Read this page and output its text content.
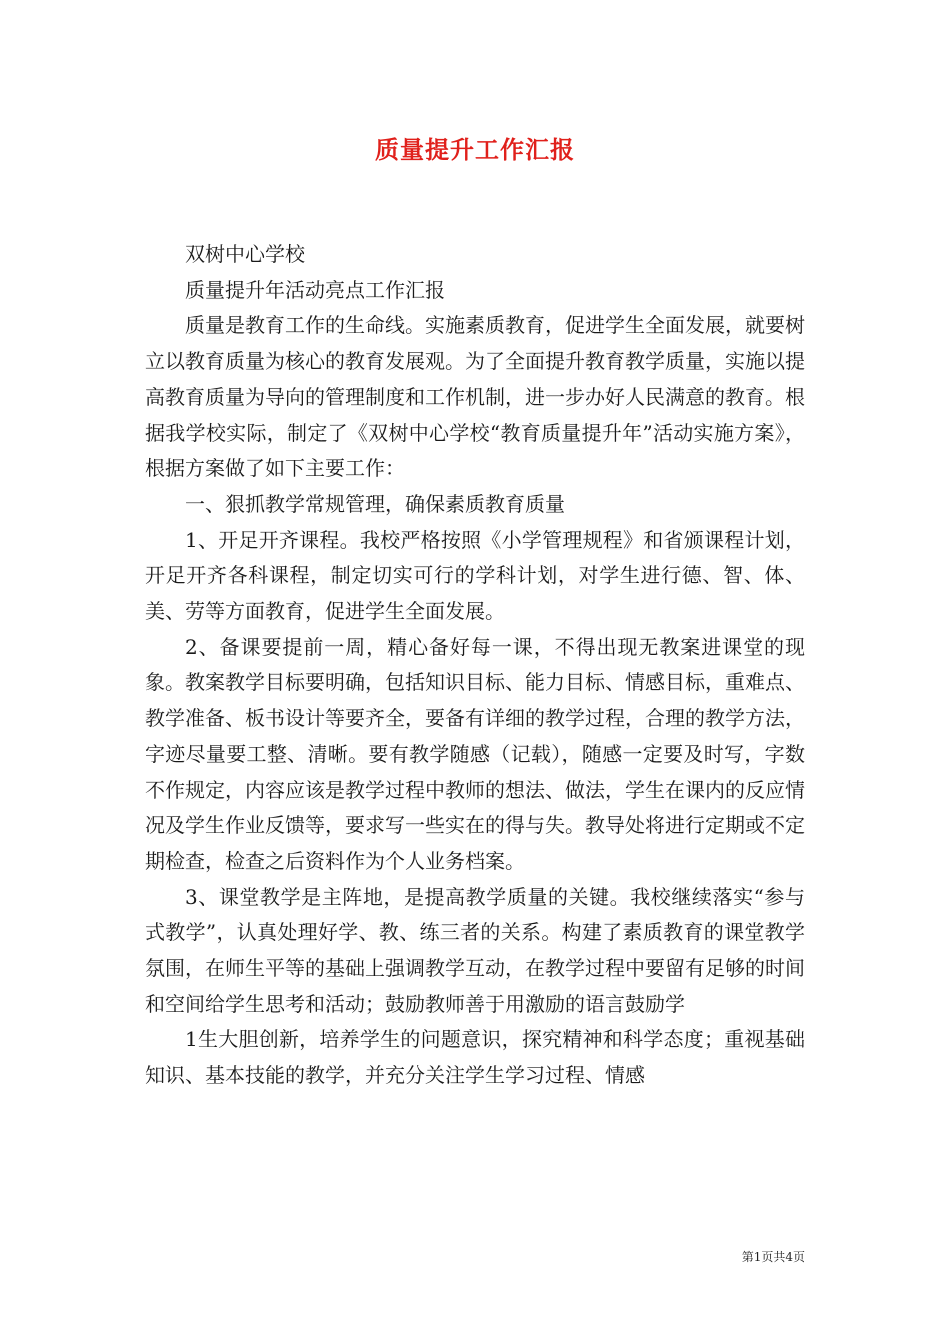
质量提升工作汇报

双树中心学校

质量提升年活动亮点工作汇报

质量是教育工作的生命线。实施素质教育，促进学生全面发展，就要树立以教育质量为核心的教育发展观。为了全面提升教育教学质量，实施以提高教育质量为导向的管理制度和工作机制，进一步办好人民满意的教育。根据我学校实际，制定了《双树中心学校“教育质量提升年”活动实施方案》，根据方案做了如下主要工作：

一、狠抓教学常规管理，确保素质教育质量

1、开足开齐课程。我校严格按照《小学管理规程》和省颁课程计划，开足开齐各科课程，制定切实可行的学科计划，对学生进行德、智、体、美、劳等方面教育，促进学生全面发展。

2、备课要提前一周，精心备好每一课，不得出现无教案进课堂的现象。教案教学目标要明确，包括知识目标、能力目标、情感目标，重难点、教学准备、板书设计等要齐全，要备有详细的教学过程，合理的教学方法，字迹尽量要工整、清晰。要有教学随感（记载），随感一定要及时写，字数不作规定，内容应该是教学过程中教师的想法、做法，学生在课内的反应情况及学生作业反馈等，要求写一些实在的得与失。教导处将进行定期或不定期检查，检查之后资料作为个人业务档案。

3、课堂教学是主阵地，是提高教学质量的关键。我校继续落实“参与式教学”，认真处理好学、教、练三者的关系。构建了素质教育的课堂教学氛围，在师生平等的基础上强调教学互动，在教学过程中要留有足够的时间和空间给学生思考和活动；鼓励教师善于用激励的语言鼓励学

1生大胆创新，培养学生的问题意识，探究精神和科学态度；重视基础知识、基本技能的教学，并充分关注学生学习过程、情感

第1页共4页
